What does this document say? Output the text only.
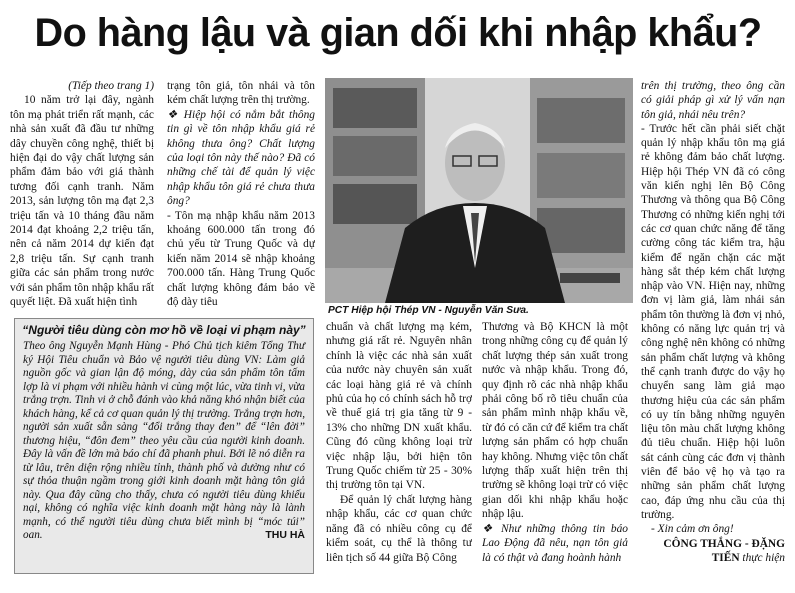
Do hàng lậu và gian dối khi nhập khẩu?

(Tiếp theo trang 1)

10 năm trở lại đây, ngành tôn mạ phát triển rất mạnh, các nhà sản xuất đã đầu tư những dây chuyền công nghệ, thiết bị hiện đại do vậy chất lượng sản phẩm đảm bảo với giá thành tương đối cạnh tranh. Năm 2013, sản lượng tôn mạ đạt 2,3 triệu tấn và 10 tháng đầu năm 2014 đạt khoảng 2,2 triệu tấn, nên cả năm 2014 dự kiến đạt 2,8 triệu tấn. Sự cạnh tranh giữa các sản phẩm trong nước với sản phẩm tôn nhập khẩu rất quyết liệt. Đã xuất hiện tình

trạng tôn giả, tôn nhái và tôn kém chất lượng trên thị trường.

❖ Hiệp hội có nắm bắt thông tin gì về tôn nhập khẩu giá rẻ không thưa ông? Chất lượng của loại tôn này thế nào? Đã có những chế tài để quản lý việc nhập khẩu tôn giá rẻ chưa thưa ông?

- Tôn mạ nhập khẩu năm 2013 khoảng 600.000 tấn trong đó chủ yếu từ Trung Quốc và dự kiến năm 2014 sẽ nhập khoảng 700.000 tấn. Hàng Trung Quốc chất lượng không đảm bảo về độ dày tiêu

PCT Hiệp hội Thép VN - Nguyễn Văn Sưa.

trên thị trường, theo ông cần có giải pháp gì xử lý vấn nạn tôn giả, nhái nêu trên?

- Trước hết cần phải siết chặt quản lý nhập khẩu tôn mạ giá rẻ không đảm bảo chất lượng. Hiệp hội Thép VN đã có công văn kiến nghị lên Bộ Công Thương và thông qua Bộ Công Thương có những kiến nghị tới các cơ quan chức năng để tăng cường công tác kiểm tra, hậu kiểm để ngăn chặn các mặt hàng sắt thép kém chất lượng nhập vào VN. Hiện nay, những đơn vị làm giả, làm nhái sản phẩm tôn thường là đơn vị nhỏ, không có năng lực quản trị và công nghệ nên không có những sản phẩm chất lượng và không thể cạnh tranh được do vậy họ chuyển sang làm giả mạo thương hiệu của các sản phẩm có uy tín bằng những nguyên liệu tôn màu chất lượng không đủ tiêu chuẩn. Hiệp hội luôn sát cánh cùng các đơn vị thành viên để bảo vệ họ và tạo ra những sản phẩm chất lượng cao, đáp ứng nhu cầu của thị trường.

- Xin cảm ơn ông!

CÔNG THẮNG - ĐẶNG TIẾN thực hiện

chuẩn và chất lượng mạ kém, nhưng giá rất rẻ. Nguyên nhân chính là việc các nhà sản xuất của nước này chuyên sản xuất các loại hàng giá rẻ và chính phủ của họ có chính sách hỗ trợ về thuế giá trị gia tăng từ 9 - 13% cho những DN xuất khẩu. Cũng đó cũng không loại trừ việc nhập lậu, bởi hiện tôn Trung Quốc chiếm từ 25 - 30% thị trường tôn tại VN.

Để quản lý chất lượng hàng nhập khẩu, các cơ quan chức năng đã có nhiều công cụ để kiểm soát, cụ thể là thông tư liên tịch số 44 giữa Bộ Công

Thương và Bộ KHCN là một trong những công cụ để quản lý chất lượng thép sản xuất trong nước và nhập khẩu. Trong đó, quy định rõ các nhà nhập khẩu phải công bố rõ tiêu chuẩn của sản phẩm mình nhập khẩu về, từ đó có căn cứ để kiểm tra chất lượng sản phẩm có hợp chuẩn hay không. Nhưng việc tôn chất lượng thấp xuất hiện trên thị trường sẽ không loại trừ có việc gian dối khi nhập khẩu hoặc nhập lậu.

❖ Như những thông tin báo Lao Động đã nêu, nạn tôn giả là có thật và đang hoành hành

“Người tiêu dùng còn mơ hồ về loại vi phạm này”
Theo ông Nguyễn Mạnh Hùng - Phó Chủ tịch kiêm Tổng Thư ký Hội Tiêu chuẩn và Bảo vệ người tiêu dùng VN: Làm giả nguồn gốc và gian lận độ móng, dày của sản phẩm tôn tấm lợp là vi phạm với nhiều hành vi cùng một lúc, vừa tinh vi, vừa trắng trợn. Tinh vi ở chỗ đánh vào khả năng khó nhận biết của khách hàng, kể cả cơ quan quản lý thị trường. Trắng trợn hơn, người sản xuất sẵn sàng “đổi trắng thay đen” để “lên đời” thương hiệu, “đôn đem” theo yêu cầu của người kinh doanh. Đây là vấn đề lớn mà báo chí đã phanh phui. Bởi lẽ nó diễn ra từ lâu, trên diện rộng nhiều tỉnh, thành phố và dường như có sự thỏa thuận ngầm trong giới kinh doanh mặt hàng tôn giả này. Qua đây cũng cho thấy, chưa có người tiêu dùng khiếu nại, không có nghĩa việc kinh doanh mặt hàng này là lành mạnh, có thể người tiêu dùng chưa biết mình bị “móc túi” oan.	THU HÀ
